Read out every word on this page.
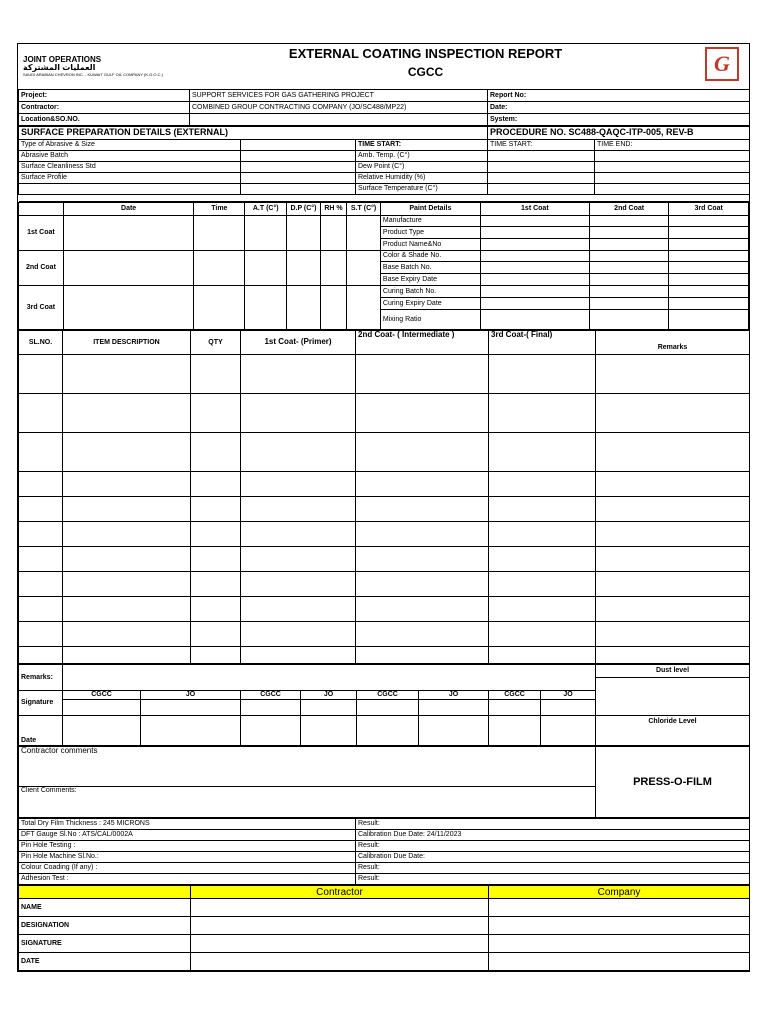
JOINT OPERATIONS
العمليات المشتركة
SAUDI ARABIAN CHEVRON INC. - KUWAIT GULF OIL COMPANY (K.G.O.C.)

EXTERNAL COATING INSPECTION REPORT
CGCC
		G
Project:	SUPPORT SERVICES FOR GAS GATHERING PROJECT	Report No:
Contractor:	COMBINED GROUP CONTRACTING COMPANY (JO/SC488/MP22)	Date:
Location&SO.NO.		System:
SURFACE PREPARATION DETAILS (EXTERNAL)			PROCEDURE NO. SC488-QAQC-ITP-005, REV-B	
Type of Abrasive & Size		TIME START:	TIME START:	TIME END:
Abrasive Batch		Amb. Temp. (C°)		
Surface Cleanliness Std		Dew Point (C°)		
Surface Profile		Relative Humidity (%)		
		Surface Temperature (C°)		

	Date	Time	A.T (C°)	D.P (C°)	RH %	S.T (C°)	Paint Details	1st Coat	2nd Coat	3rd Coat
1st Coat							Manufacture			
							Product Type			
							Product Name&No			
2nd Coat							Color & Shade No.			
							Base Batch No.			
							Base Expiry Date			
3rd Coat							Curing Batch No.			
							Curing Expiry Date			
							Mixing Ratio			
SL.NO.	ITEM DESCRIPTION	QTY	1st Coat- (Primer)	2nd Coat- ( Intermediate )	3rd Coat-( Final)	Remarks

Remarks:									Dust level

Signature	CGCC	JO	CGCC	JO	CGCC	JO	CGCC	JO	

Date									Chloride Level
Contractor comments	PRESS-O-FILM
Client Comments:
Total Dry Film Thickness : 245 MICRONS	Result:
DFT Gauge Sl.No : ATS/CAL/0002A	Calibration Due Date: 24/11/2023
Pin Hole Testing :	Result:
Pin Hole Machine Sl.No.:	Calibration Due Date:
Colour Coading (If any) :	Result:
Adhesion Test :	Result:
	Contractor	Company
NAME		
DESIGNATION		
SIGNATURE		
DATE		
